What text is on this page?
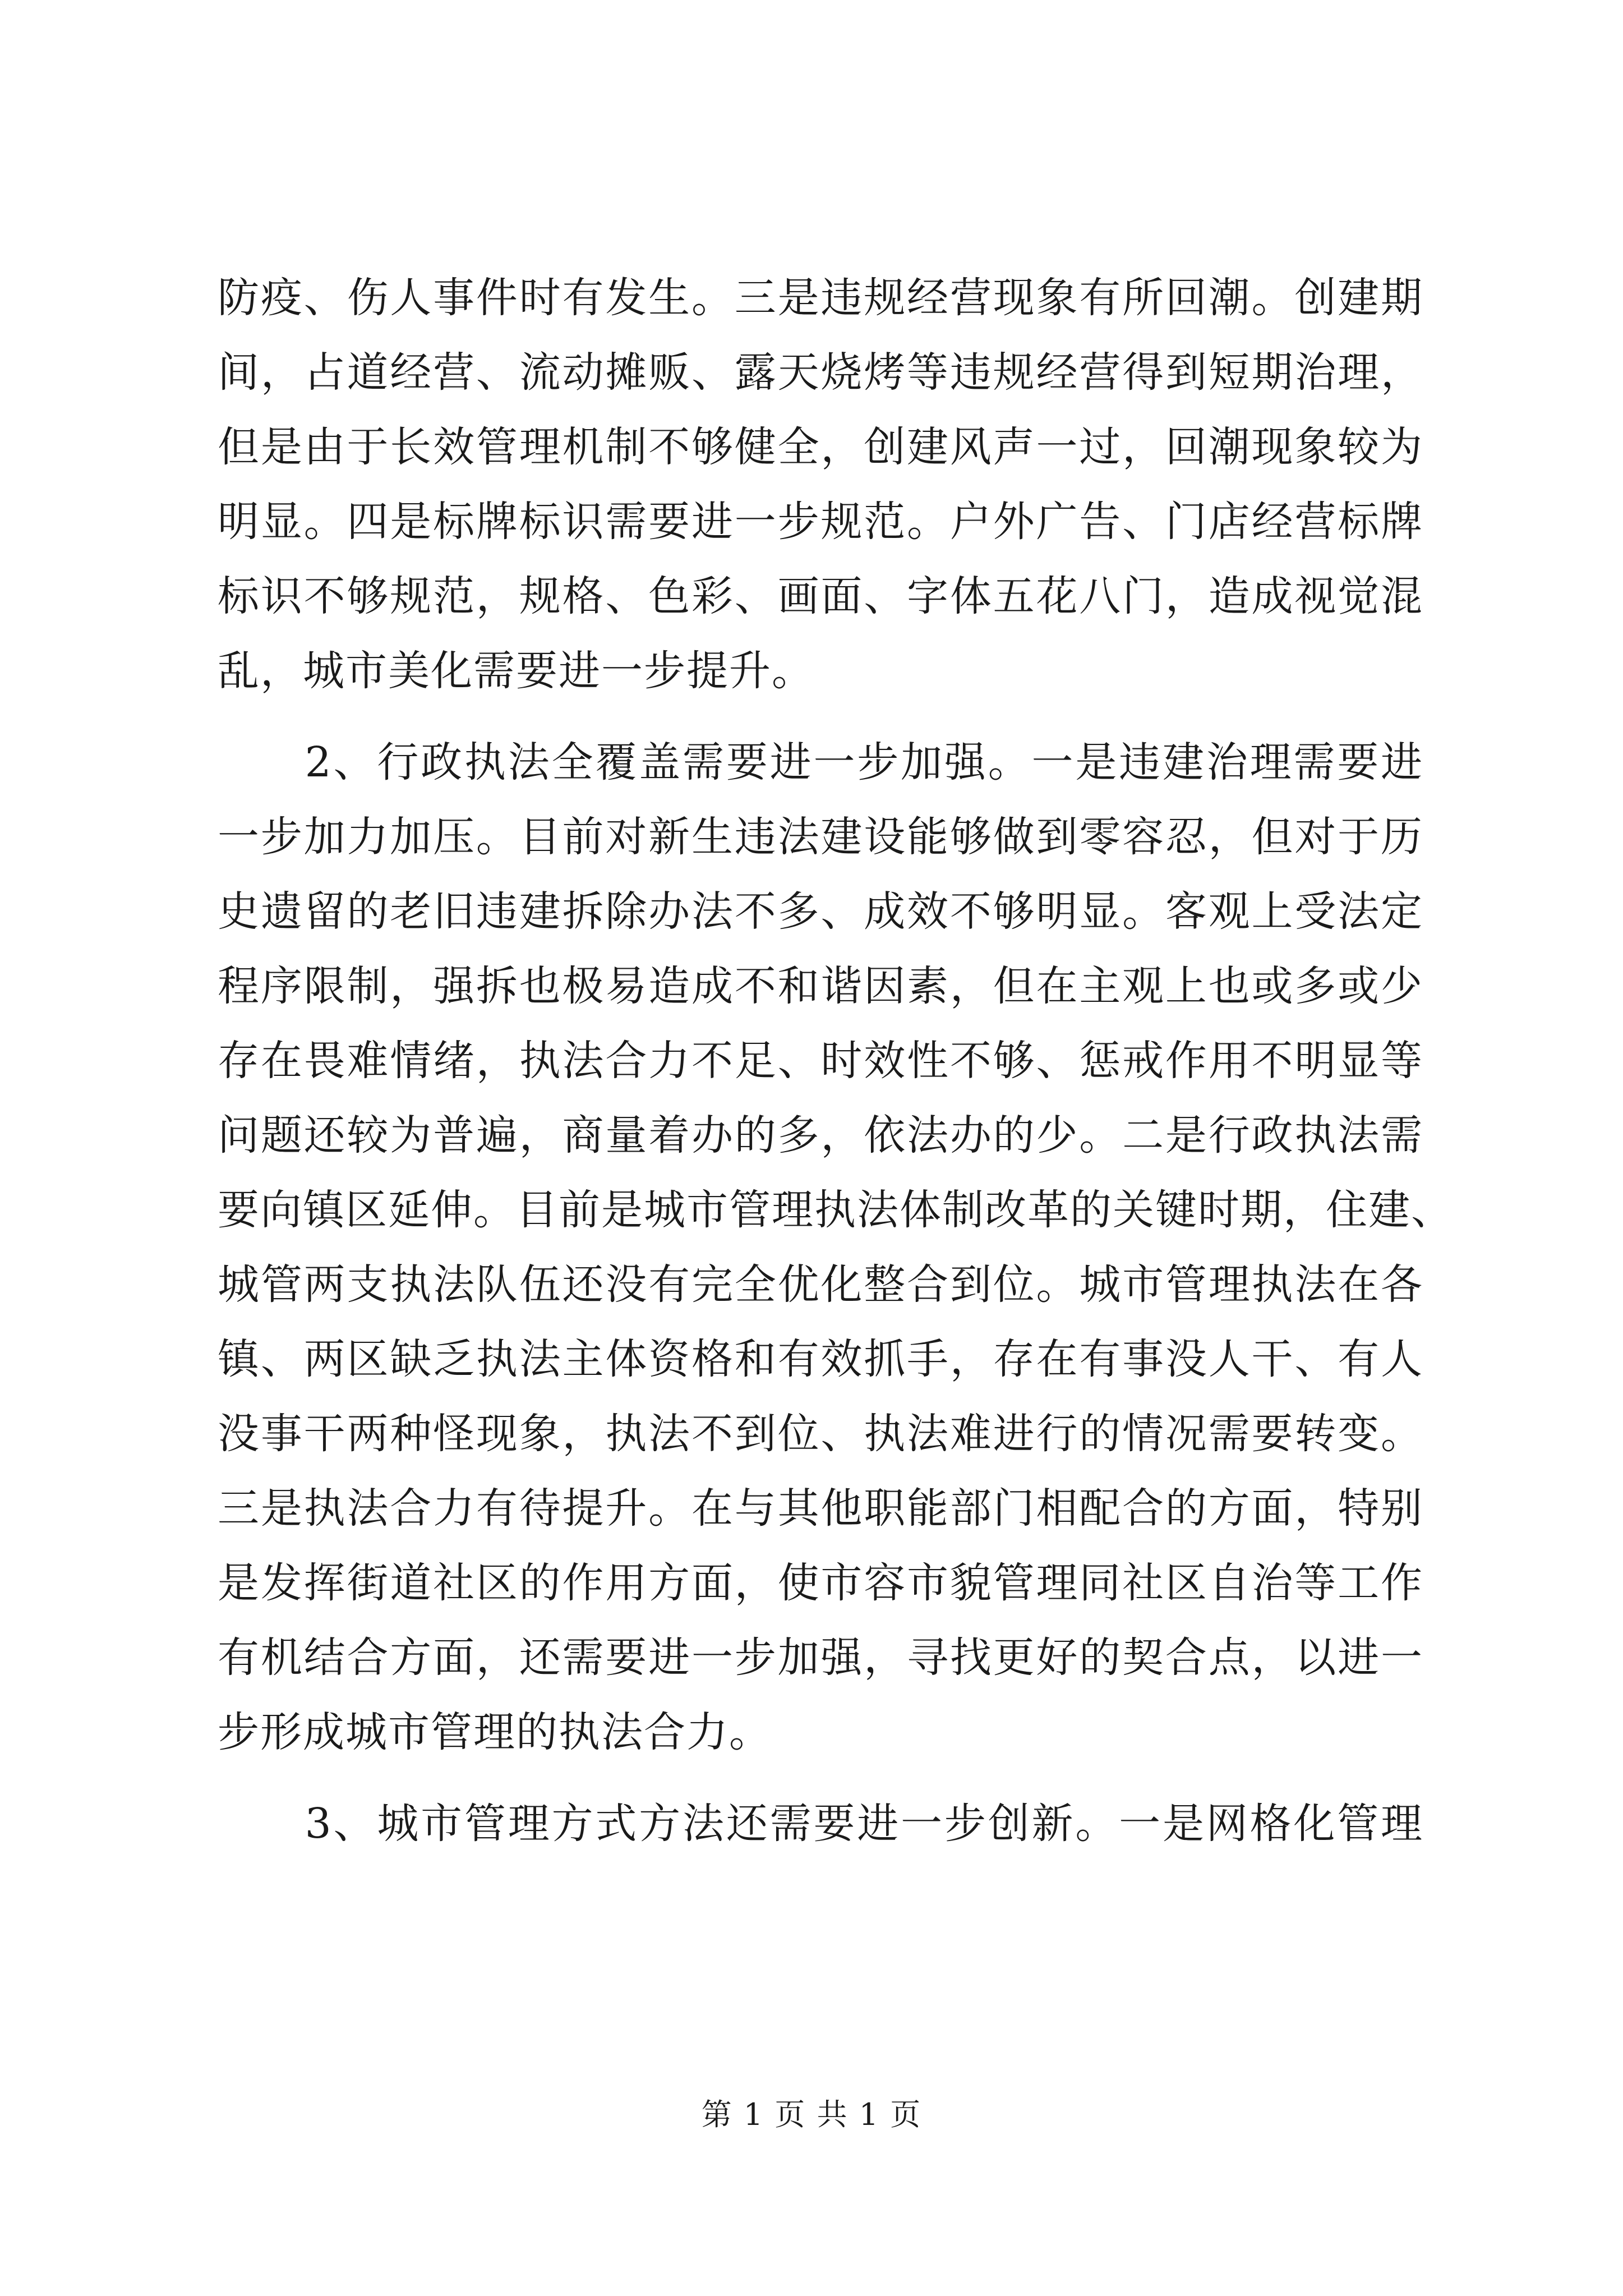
防疫、伤人事件时有发生。三是违规经营现象有所回潮。创建期
间，占道经营、流动摊贩、露天烧烤等违规经营得到短期治理，
但是由于长效管理机制不够健全，创建风声一过，回潮现象较为
明显。四是标牌标识需要进一步规范。户外广告、门店经营标牌
标识不够规范，规格、色彩、画面、字体五花八门，造成视觉混
乱，城市美化需要进一步提升。
　　2、行政执法全覆盖需要进一步加强。一是违建治理需要进
一步加力加压。目前对新生违法建设能够做到零容忍，但对于历
史遗留的老旧违建拆除办法不多、成效不够明显。客观上受法定
程序限制，强拆也极易造成不和谐因素，但在主观上也或多或少
存在畏难情绪，执法合力不足、时效性不够、惩戒作用不明显等
问题还较为普遍，商量着办的多，依法办的少。二是行政执法需
要向镇区延伸。目前是城市管理执法体制改革的关键时期，住建、
城管两支执法队伍还没有完全优化整合到位。城市管理执法在各
镇、两区缺乏执法主体资格和有效抓手，存在有事没人干、有人
没事干两种怪现象，执法不到位、执法难进行的情况需要转变。
三是执法合力有待提升。在与其他职能部门相配合的方面，特别
是发挥街道社区的作用方面，使市容市貌管理同社区自治等工作
有机结合方面，还需要进一步加强，寻找更好的契合点，以进一
步形成城市管理的执法合力。
　　3、城市管理方式方法还需要进一步创新。一是网格化管理
第 1 页 共 1 页
